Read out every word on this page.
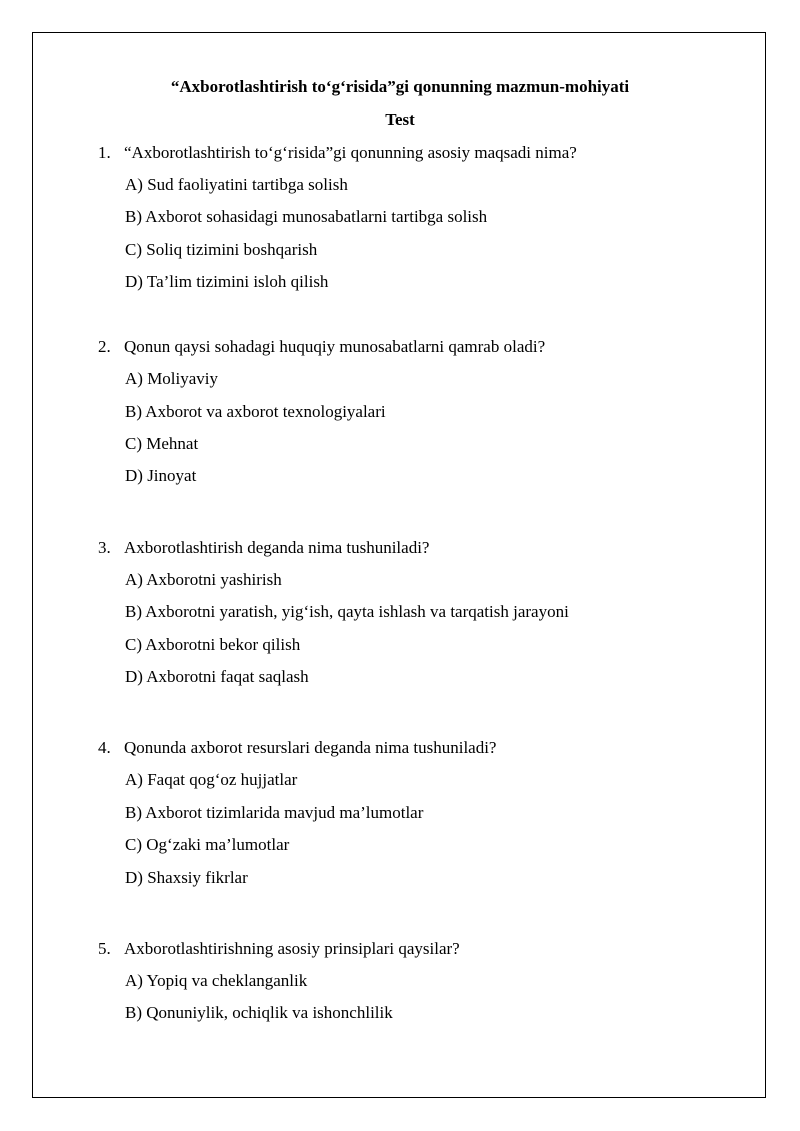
“Axborotlashtirish to‘g‘risida”gi qonunning mazmun-mohiyati
Test
1. “Axborotlashtirish to‘g‘risida”gi qonunning asosiy maqsadi nima?
A) Sud faoliyatini tartibga solish
B) Axborot sohasidagi munosabatlarni tartibga solish
C) Soliq tizimini boshqarish
D) Ta’lim tizimini isloh qilish
2. Qonun qaysi sohadagi huquqiy munosabatlarni qamrab oladi?
A) Moliyaviy
B) Axborot va axborot texnologiyalari
C) Mehnat
D) Jinoyat
3. Axborotlashtirish deganda nima tushuniladi?
A) Axborotni yashirish
B) Axborotni yaratish, yig‘ish, qayta ishlash va tarqatish jarayoni
C) Axborotni bekor qilish
D) Axborotni faqat saqlash
4. Qonunda axborot resurslari deganda nima tushuniladi?
A) Faqat qog‘oz hujjatlar
B) Axborot tizimlarida mavjud ma’lumotlar
C) Og‘zaki ma’lumotlar
D) Shaxsiy fikrlar
5. Axborotlashtirishning asosiy prinsiplari qaysilar?
A) Yopiq va cheklanganlik
B) Qonuniylik, ochiqlik va ishonchlilik
